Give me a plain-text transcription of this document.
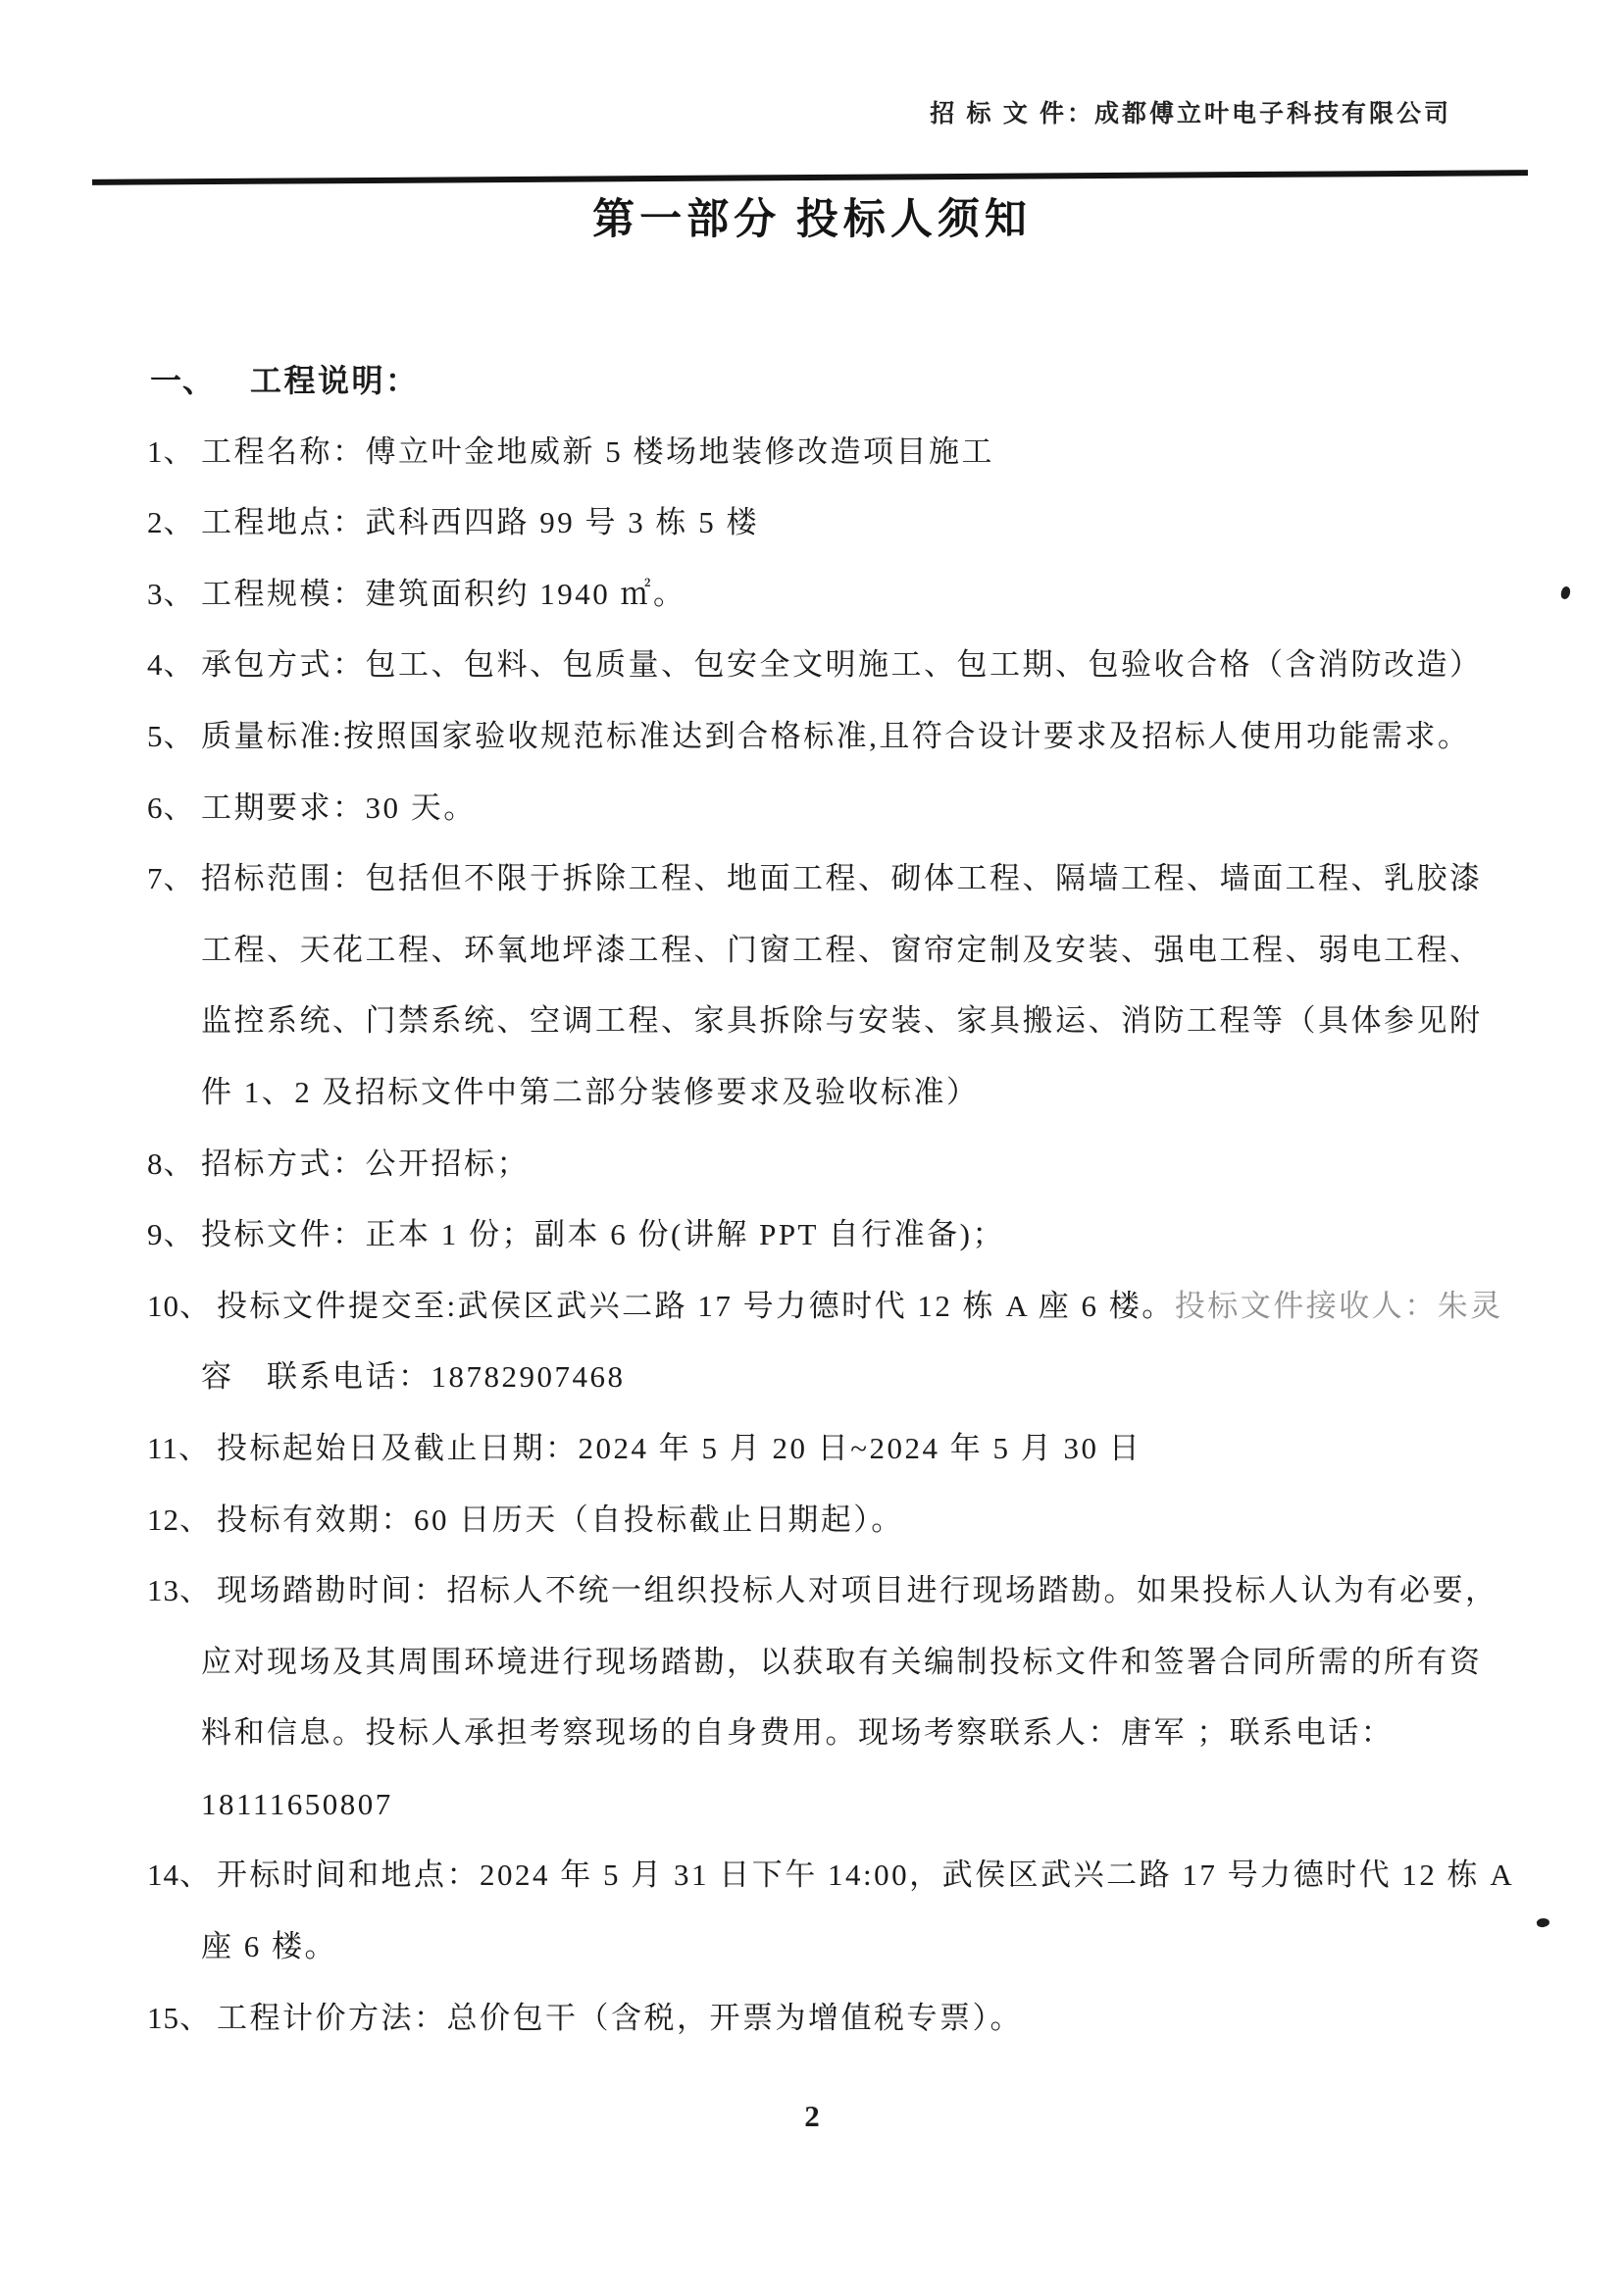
招 标 文 件：成都傅立叶电子科技有限公司
第一部分 投标人须知
一、	工程说明：
1、 工程名称：傅立叶金地威新 5 楼场地装修改造项目施工
2、 工程地点：武科西四路 99 号 3 栋 5 楼
3、 工程规模：建筑面积约 1940 ㎡。
4、 承包方式：包工、包料、包质量、包安全文明施工、包工期、包验收合格（含消防改造）
5、 质量标准:按照国家验收规范标准达到合格标准,且符合设计要求及招标人使用功能需求。
6、 工期要求：30 天。
7、 招标范围：包括但不限于拆除工程、地面工程、砌体工程、隔墙工程、墙面工程、乳胶漆
工程、天花工程、环氧地坪漆工程、门窗工程、窗帘定制及安装、强电工程、弱电工程、
监控系统、门禁系统、空调工程、家具拆除与安装、家具搬运、消防工程等（具体参见附
件 1、2 及招标文件中第二部分装修要求及验收标准）
8、 招标方式：公开招标；
9、 投标文件：正本 1 份；副本 6 份(讲解 PPT 自行准备)；
10、 投标文件提交至:武侯区武兴二路 17 号力德时代 12 栋 A 座 6 楼。投标文件接收人：朱灵
容　联系电话：18782907468
11、 投标起始日及截止日期：2024 年 5 月 20 日~2024 年 5 月 30 日
12、 投标有效期：60 日历天（自投标截止日期起）。
13、 现场踏勘时间：招标人不统一组织投标人对项目进行现场踏勘。如果投标人认为有必要，
应对现场及其周围环境进行现场踏勘，以获取有关编制投标文件和签署合同所需的所有资
料和信息。投标人承担考察现场的自身费用。现场考察联系人：唐军 ；联系电话：
18111650807
14、 开标时间和地点：2024 年 5 月 31 日下午 14:00，武侯区武兴二路 17 号力德时代 12 栋 A
座 6 楼。
15、 工程计价方法：总价包干（含税，开票为增值税专票）。
2
